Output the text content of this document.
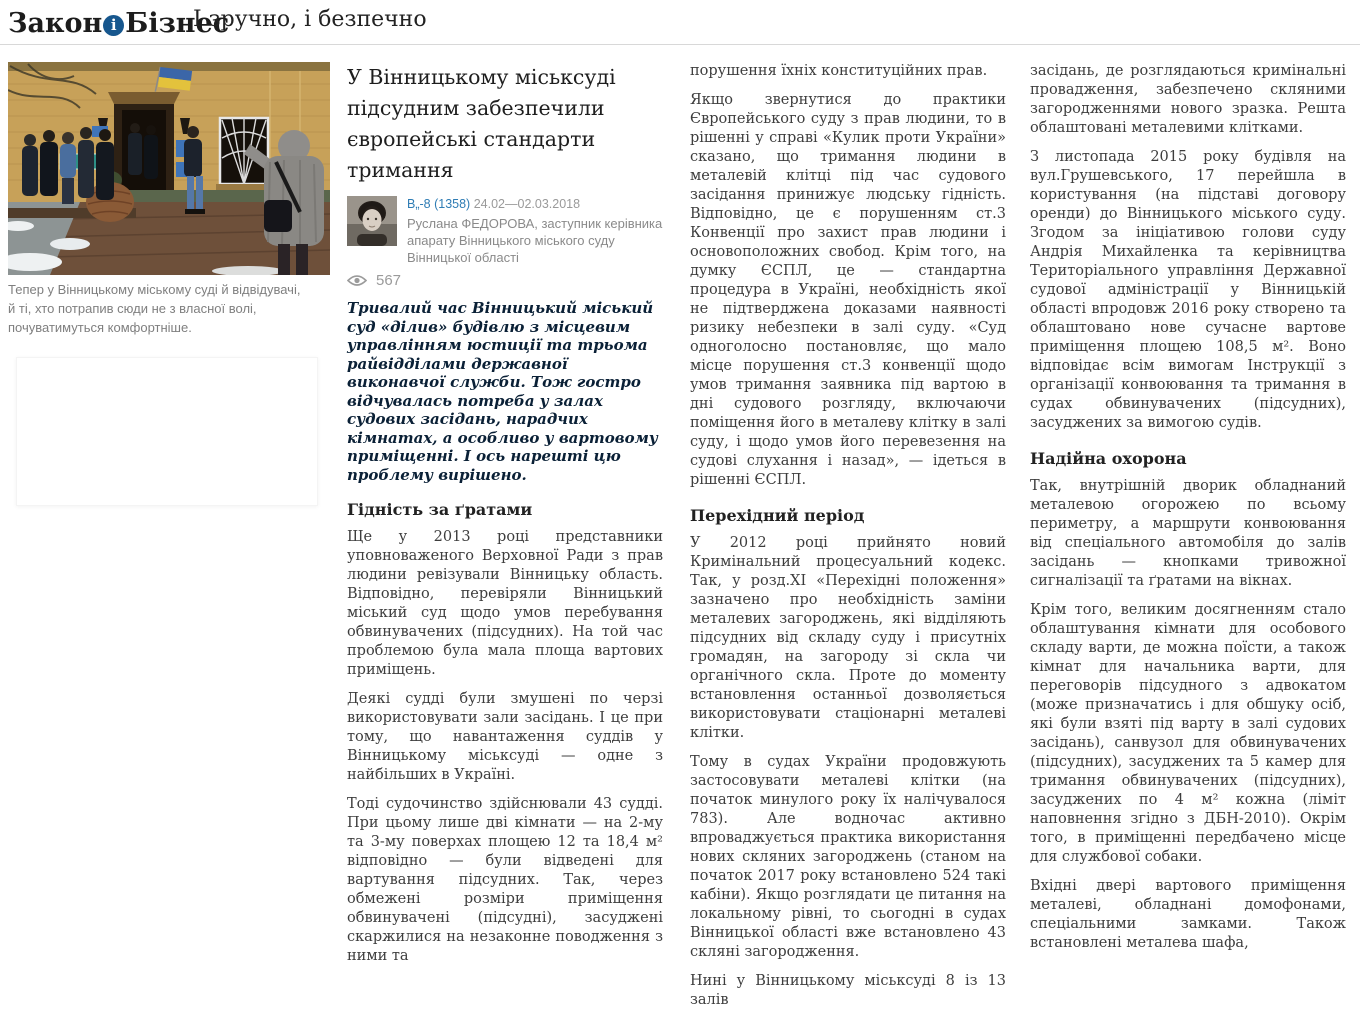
Закон і Бізнес
І зручно, і безпечно

Тепер у Вінницькому міському суді й відвідувачі, й ті, хто потрапив сюди не з власної волі, почуватимуться комфортніше.

У Вінницькому міськсуді підсудним забезпечили європейські стандарти тримання
В„-8 (1358) 24.02—02.03.2018
Руслана ФЕДОРОВА, заступник керівника апарату Вінницького міського суду Вінницької області
567

Тривалий час Вінницький міський суд «ділив» будівлю з місцевим управлінням юстиції та трьома райвідділами державної виконавчої служби. Тож гостро відчувалась потреба у залах судових засідань, нарадчих кімнатах, а особливо у вартовому приміщенні. І ось нарешті цю проблему вирішено.

Гідність за ґратами

Ще у 2013 році представники уповноваженого Верховної Ради з прав людини ревізували Вінницьку область. Відповідно, перевіряли Вінницький міський суд щодо умов перебування обвинувачених (підсудних). На той час проблемою була мала площа вартових приміщень.

Деякі судді були змушені по черзі використовувати зали засідань. І це при тому, що навантаження суддів у Вінницькому міськсуді — одне з найбільших в Україні.

Тоді судочинство здійснювали 43 судді. При цьому лише дві кімнати — на 2-му та 3-му поверхах площею 12 та 18,4 м² відповідно — були відведені для вартування підсудних. Так, через обмежені розміри приміщення обвинувачені (підсудні), засуджені скаржилися на незаконне поводження з ними та

порушення їхніх конституційних прав.

Якщо звернутися до практики Європейського суду з прав людини, то в рішенні у справі «Кулик проти України» сказано, що тримання людини в металевій клітці під час судового засідання принижує людську гідність. Відповідно, це є порушенням ст.3 Конвенції про захист прав людини і основоположних свобод. Крім того, на думку ЄСПЛ, це — стандартна процедура в Україні, необхідність якої не підтверджена доказами наявності ризику небезпеки в залі суду. «Суд одноголосно постановляє, що мало місце порушення ст.3 конвенції щодо умов тримання заявника під вартою в дні судового розгляду, включаючи поміщення його в металеву клітку в залі суду, і щодо умов його перевезення на судові слухання і назад», — ідеться в рішенні ЄСПЛ.

Перехідний період

У 2012 році прийнято новий Кримінальний процесуальний кодекс. Так, у розд.XI «Перехідні положення» зазначено про необхідність заміни металевих загороджень, які відділяють підсудних від складу суду і присутніх громадян, на загороду зі скла чи органічного скла. Проте до моменту встановлення останньої дозволяється використовувати стаціонарні металеві клітки.

Тому в судах України продовжують застосовувати металеві клітки (на початок минулого року їх налічувалося 783). Але водночас активно впроваджується практика використання нових скляних загороджень (станом на початок 2017 року встановлено 524 такі кабіни). Якщо розглядати це питання на локальному рівні, то сьогодні в судах Вінницької області вже встановлено 43 скляні загородження.

Нині у Вінницькому міськсуді 8 із 13 залів

засідань, де розглядаються кримінальні провадження, забезпечено скляними загородженнями нового зразка. Решта облаштовані металевими клітками.

З листопада 2015 року будівля на вул.Грушевського, 17 перейшла в користування (на підставі договору оренди) до Вінницького міського суду. Згодом за ініціативою голови суду Андрія Михайленка та керівництва Територіального управління Державної судової адміністрації у Вінницькій області впродовж 2016 року створено та облаштовано нове сучасне вартове приміщення площею 108,5 м². Воно відповідає всім вимогам Інструкції з організації конвоювання та тримання в судах обвинувачених (підсудних), засуджених за вимогою судів.

Надійна охорона

Так, внутрішній дворик обладнаний металевою огорожею по всьому периметру, а маршрути конвоювання від спеціального автомобіля до залів засідань — кнопками тривожної сигналізації та ґратами на вікнах.

Крім того, великим досягненням стало облаштування кімнати для особового складу варти, де можна поїсти, а також кімнат для начальника варти, для переговорів підсудного з адвокатом (може призначатись і для обшуку осіб, які були взяті під варту в залі судових засідань), санвузол для обвинувачених (підсудних), засуджених та 5 камер для тримання обвинувачених (підсудних), засуджених по 4 м² кожна (ліміт наповнення згідно з ДБН-2010). Окрім того, в приміщенні передбачено місце для службової собаки.

Вхідні двері вартового приміщення металеві, обладнані домофонами, спеціальними замками. Також встановлені металева шафа,
